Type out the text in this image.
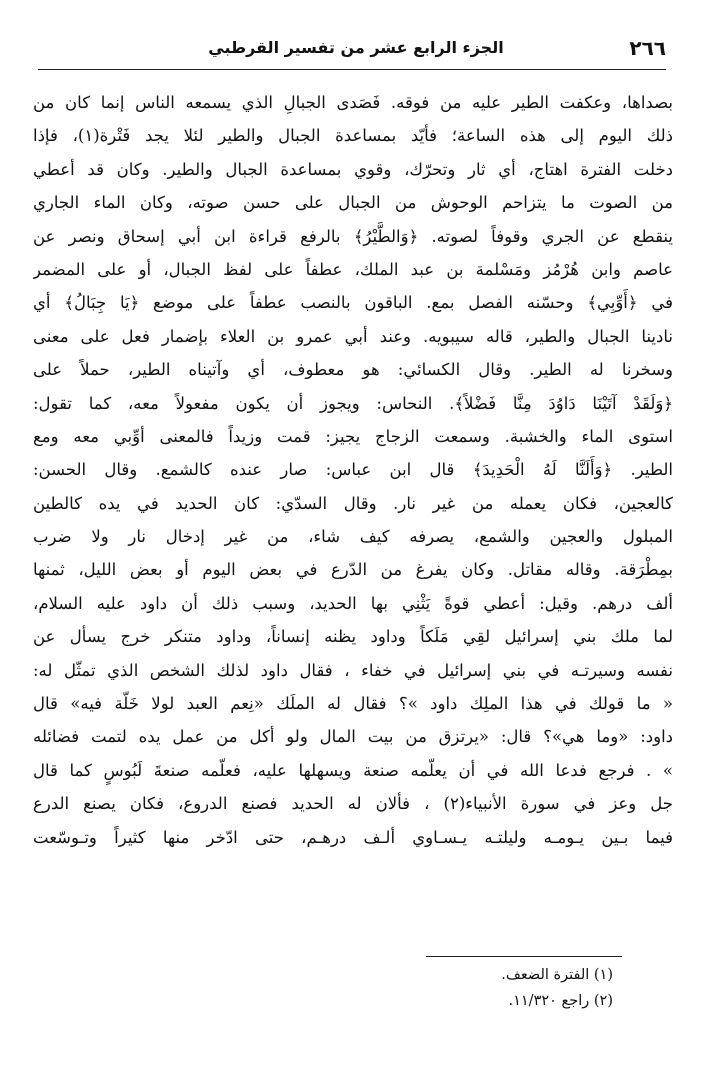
٢٦٦
الجزء الرابع عشر من تفسير القرطبي
بصداها، وعكفت الطير عليه من فوقه. فَصَدى الجبالِ الذي يسمعه الناس إنما كان من
ذلك اليوم إلى هذه الساعة؛ فأيّد بمساعدة الجبال والطير لئلا يجد فَتْرة(١)، فإذا
دخلت الفترة اهتاج، أي ثار وتحرّك، وقوي بمساعدة الجبال والطير. وكان قد أعطي
من الصوت ما يتزاحم الوحوش من الجبال على حسن صوته، وكان الماء الجاري
ينقطع عن الجري وقوفاً لصوته. ﴿وَالطَّيْرُ﴾ بالرفع قراءة ابن أبي إسحاق ونصر عن
عاصم وابن هُرْمُز ومَسْلمة بن عبد الملك، عطفاً على لفظ الجبال، أو على المضمر
في ﴿أَوِّبِي﴾ وحسّنه الفصل بمع. الباقون بالنصب عطفاً على موضع ﴿يَا جِبَالُ﴾ أي
نادينا الجبال والطير، قاله سيبويه. وعند أبي عمرو بن العلاء بإضمار فعل على معنى
وسخرنا له الطير. وقال الكسائي: هو معطوف، أي وآتيناه الطير، حملاً على
﴿وَلَقَدْ آتَيْنَا دَاوُدَ مِنَّا فَضْلاً﴾. النحاس: ويجوز أن يكون مفعولاً معه، كما تقول:
استوى الماء والخشبة. وسمعت الزجاج يجيز: قمت وزيداً فالمعنى أوِّبي معه ومع
الطير. ﴿وَأَلَنَّا لَهُ الْحَدِيدَ﴾ قال ابن عباس: صار عنده كالشمع. وقال الحسن:
كالعجين، فكان يعمله من غير نار. وقال السدّي: كان الحديد في يده كالطين
المبلول والعجين والشمع، يصرفه كيف شاء، من غير إدخال نار ولا ضرب
بمِطْرَقة. وقاله مقاتل. وكان يفرغ من الدّرع في بعض اليوم أو بعض الليل، ثمنها
ألف درهم. وقيل: أعطي قوةً يَثْنِي بها الحديد، وسبب ذلك أن داود عليه السلام،
لما ملك بني إسرائيل لقِي مَلَكاً وداود يظنه إنساناً، وداود متنكر خرج يسأل عن
نفسه وسيرتـه في بني إسرائيل في خفاء ، فقال داود لذلك الشخص الذي تمثّل له:
« ما قولك في هذا الملِك داود »؟ فقال له الملَك «نِعم العبد لولا خَلّة فيه» قال
داود: «وما هي»؟ قال: «يرتزق من بيت المال ولو أكل من عمل يده لتمت فضائله
» . فرجع فدعا الله في أن يعلّمه صنعة ويسهلها عليه، فعلّمه صنعةَ لَبُوسٍ كما قال
جل وعز في سورة الأنبياء(٢) ، فألان له الحديد فصنع الدروع، فكان يصنع الدرع
فيما بـين يـومـه وليلتـه يـسـاوي ألـف درهـم، حتى ادّخر منها كثيراً وتـوسّعت
(١) الفترة الضعف.
(٢) راجع ١١/٣٢٠.
